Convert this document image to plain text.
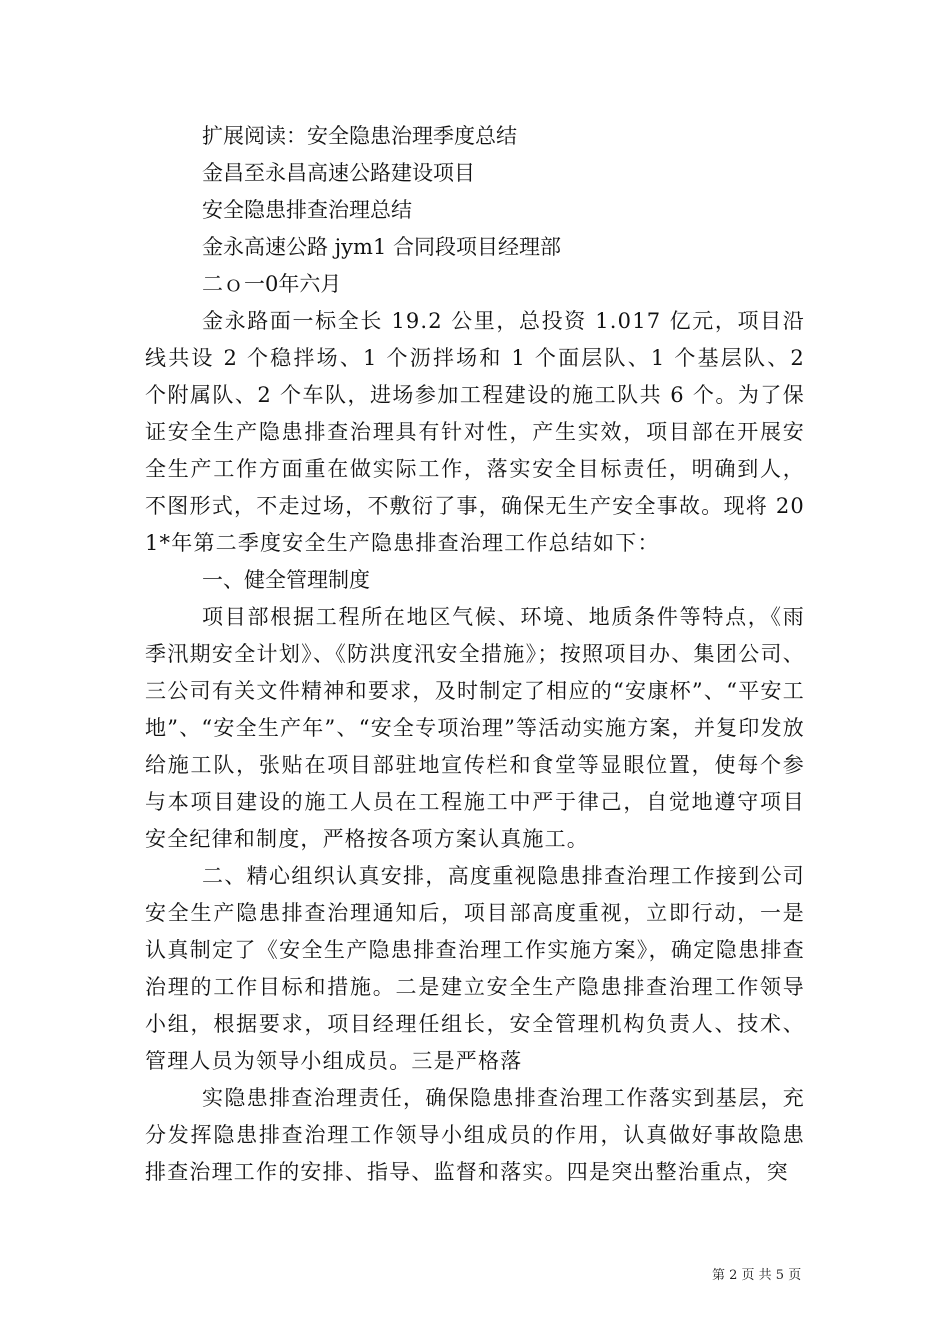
扩展阅读：安全隐患治理季度总结
金昌至永昌高速公路建设项目
安全隐患排查治理总结
金永高速公路 jym1 合同段项目经理部
二ｏ一0年六月

金永路面一标全长 19.2 公里，总投资 1.017 亿元，项目沿线共设 2 个稳拌场、1 个沥拌场和 1 个面层队、1 个基层队、2 个附属队、2 个车队，进场参加工程建设的施工队共 6 个。为了保证安全生产隐患排查治理具有针对性，产生实效，项目部在开展安全生产工作方面重在做实际工作，落实安全目标责任，明确到人，不图形式，不走过场，不敷衍了事，确保无生产安全事故。现将 201*年第二季度安全生产隐患排查治理工作总结如下：

一、健全管理制度

项目部根据工程所在地区气候、环境、地质条件等特点，《雨季汛期安全计划》、《防洪度汛安全措施》；按照项目办、集团公司、三公司有关文件精神和要求，及时制定了相应的“安康杯”、“平安工地”、“安全生产年”、“安全专项治理”等活动实施方案，并复印发放给施工队，张贴在项目部驻地宣传栏和食堂等显眼位置，使每个参与本项目建设的施工人员在工程施工中严于律己，自觉地遵守项目安全纪律和制度，严格按各项方案认真施工。

二、精心组织认真安排，高度重视隐患排查治理工作接到公司安全生产隐患排查治理通知后，项目部高度重视，立即行动，一是认真制定了《安全生产隐患排查治理工作实施方案》，确定隐患排查治理的工作目标和措施。二是建立安全生产隐患排查治理工作领导小组，根据要求，项目经理任组长，安全管理机构负责人、技术、管理人员为领导小组成员。三是严格落

实隐患排查治理责任，确保隐患排查治理工作落实到基层，充分发挥隐患排查治理工作领导小组成员的作用，认真做好事故隐患排查治理工作的安排、指导、监督和落实。四是突出整治重点，突

第 2 页 共 5 页
